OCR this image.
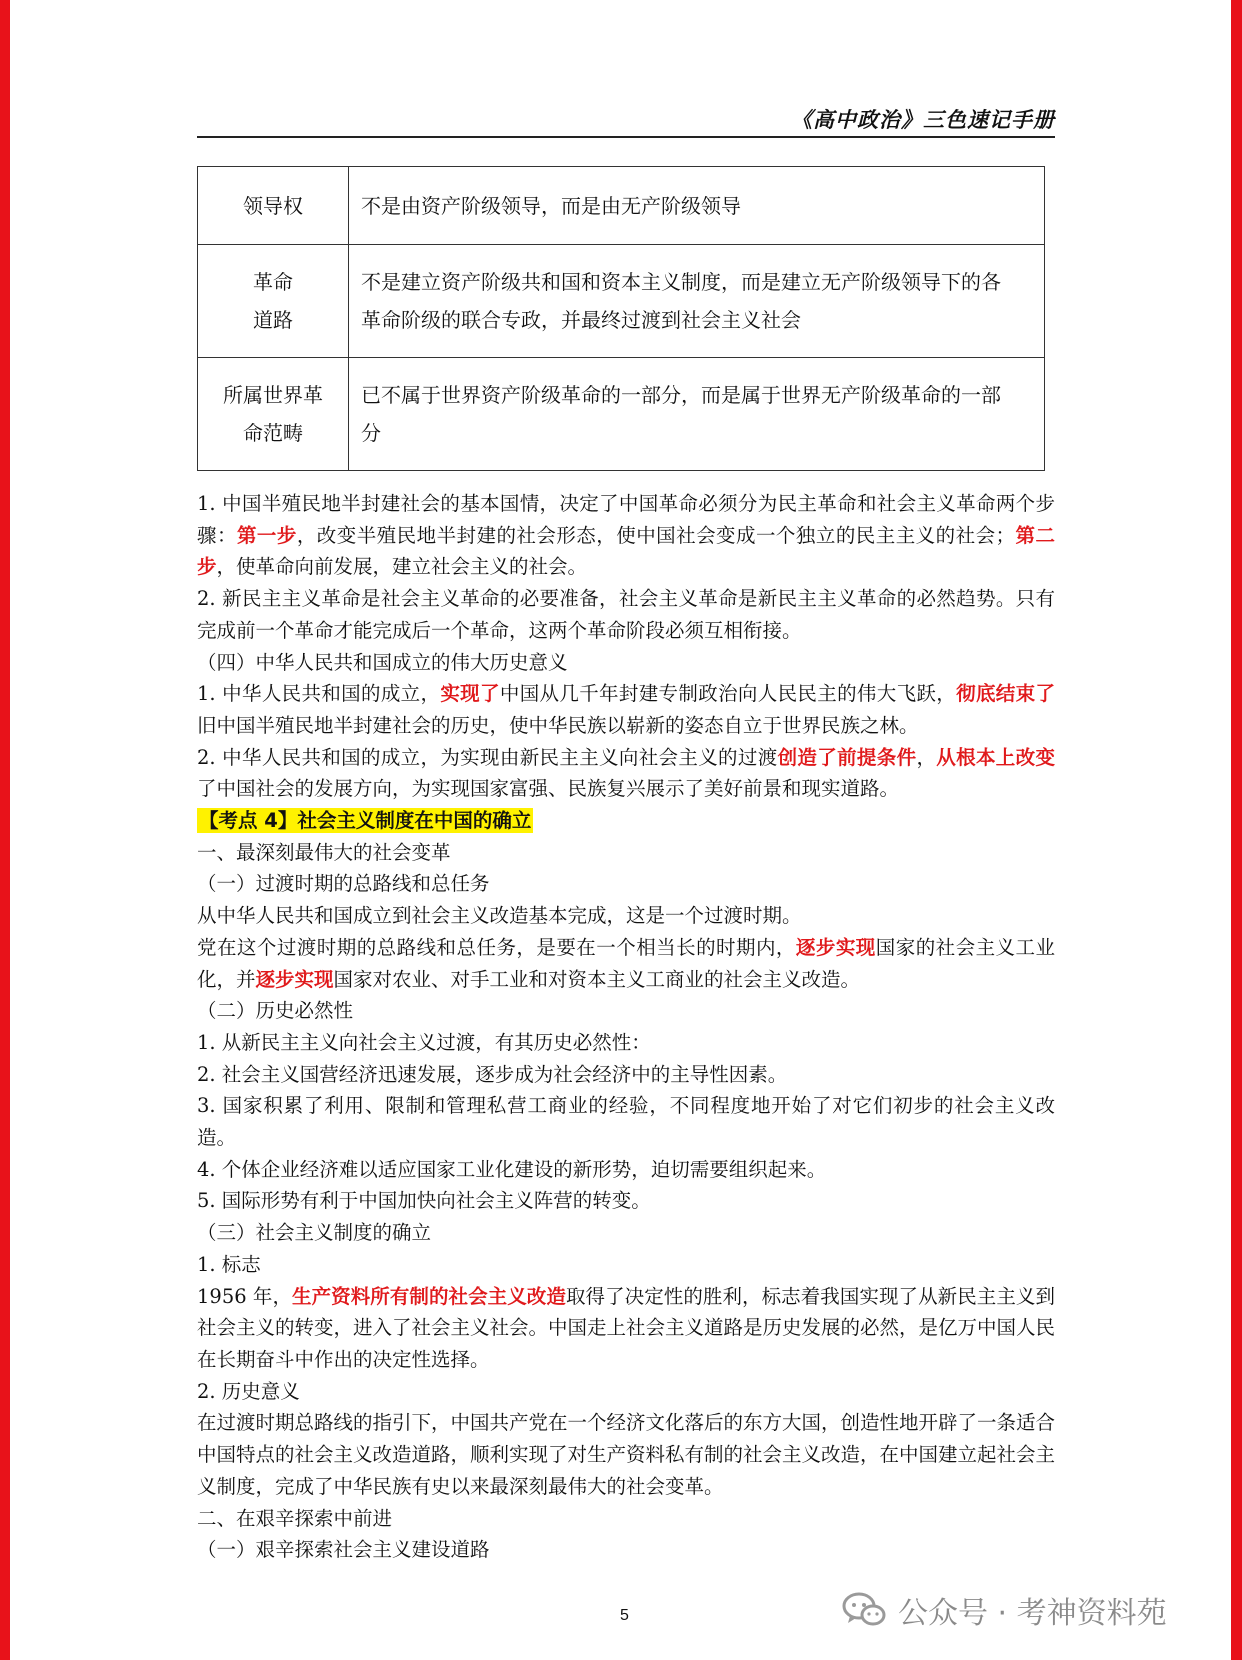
《高中政治》三色速记手册
领导权	不是由资产阶级领导，而是由无产阶级领导
革命
道路	不是建立资产阶级共和国和资本主义制度，而是建立无产阶级领导下的各
革命阶级的联合专政，并最终过渡到社会主义社会
所属世界革
命范畴	已不属于世界资产阶级革命的一部分，而是属于世界无产阶级革命的一部
分

1. 中国半殖民地半封建社会的基本国情，决定了中国革命必须分为民主革命和社会主义革命两个步骤：第一步，改变半殖民地半封建的社会形态，使中国社会变成一个独立的民主主义的社会；第二步，使革命向前发展，建立社会主义的社会。

2. 新民主主义革命是社会主义革命的必要准备，社会主义革命是新民主主义革命的必然趋势。只有完成前一个革命才能完成后一个革命，这两个革命阶段必须互相衔接。

（四）中华人民共和国成立的伟大历史意义

1. 中华人民共和国的成立，实现了中国从几千年封建专制政治向人民民主的伟大飞跃，彻底结束了旧中国半殖民地半封建社会的历史，使中华民族以崭新的姿态自立于世界民族之林。

2. 中华人民共和国的成立，为实现由新民主主义向社会主义的过渡创造了前提条件，从根本上改变了中国社会的发展方向，为实现国家富强、民族复兴展示了美好前景和现实道路。

【考点 4】社会主义制度在中国的确立

一、最深刻最伟大的社会变革

（一）过渡时期的总路线和总任务

从中华人民共和国成立到社会主义改造基本完成，这是一个过渡时期。

党在这个过渡时期的总路线和总任务，是要在一个相当长的时期内，逐步实现国家的社会主义工业化，并逐步实现国家对农业、对手工业和对资本主义工商业的社会主义改造。

（二）历史必然性

1. 从新民主主义向社会主义过渡，有其历史必然性：

2. 社会主义国营经济迅速发展，逐步成为社会经济中的主导性因素。

3. 国家积累了利用、限制和管理私营工商业的经验，不同程度地开始了对它们初步的社会主义改造。

4. 个体企业经济难以适应国家工业化建设的新形势，迫切需要组织起来。

5. 国际形势有利于中国加快向社会主义阵营的转变。

（三）社会主义制度的确立

1. 标志

1956 年，生产资料所有制的社会主义改造取得了决定性的胜利，标志着我国实现了从新民主主义到社会主义的转变，进入了社会主义社会。中国走上社会主义道路是历史发展的必然，是亿万中国人民在长期奋斗中作出的决定性选择。

2. 历史意义

在过渡时期总路线的指引下，中国共产党在一个经济文化落后的东方大国，创造性地开辟了一条适合中国特点的社会主义改造道路，顺利实现了对生产资料私有制的社会主义改造，在中国建立起社会主义制度，完成了中华民族有史以来最深刻最伟大的社会变革。

二、在艰辛探索中前进

（一）艰辛探索社会主义建设道路

5	公众号 · 考神资料苑
